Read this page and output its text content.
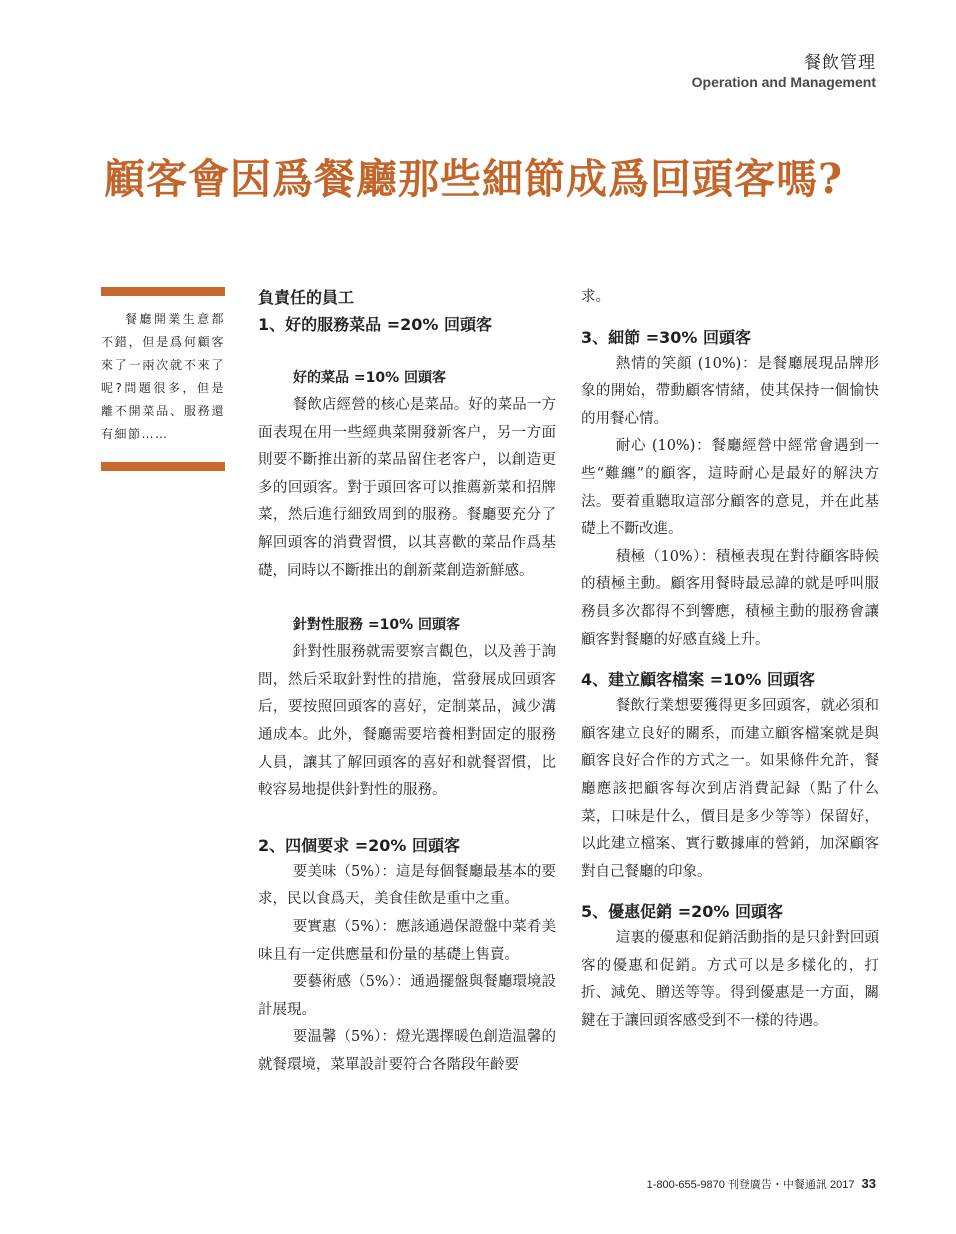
餐飲管理
Operation and Management
顧客會因爲餐廳那些細節成爲回頭客嗎?

餐廳開業生意都不錯，但是爲何顧客來了一兩次就不來了呢?問題很多，但是離不開菜品、服務還有細節……

負責任的員工
1、好的服務菜品 =20% 回頭客
好的菜品 =10% 回頭客

餐飲店經營的核心是菜品。好的菜品一方面表現在用一些經典菜開發新客户，另一方面則要不斷推出新的菜品留住老客户，以創造更多的回頭客。對于頭回客可以推薦新菜和招牌菜，然后進行細致周到的服務。餐廳要充分了解回頭客的消費習慣，以其喜歡的菜品作爲基礎，同時以不斷推出的創新菜創造新鮮感。

針對性服務 =10% 回頭客

針對性服務就需要察言觀色，以及善于詢問，然后采取針對性的措施，當發展成回頭客后，要按照回頭客的喜好，定制菜品，減少溝通成本。此外，餐廳需要培養相對固定的服務人員，讓其了解回頭客的喜好和就餐習慣，比較容易地提供針對性的服務。

2、四個要求 =20% 回頭客

要美味（5%）：這是每個餐廳最基本的要求，民以食爲天，美食佳飲是重中之重。

要實惠（5%）：應該通過保證盤中菜肴美味且有一定供應量和份量的基礎上售賣。

要藝術感（5%）：通過擺盤與餐廳環境設計展現。

要温馨（5%）：燈光選擇暖色創造温馨的就餐環境，菜單設計要符合各階段年齡要

求。

3、細節 =30% 回頭客

熱情的笑顔 (10%)：是餐廳展現品牌形象的開始，帶動顧客情緒，使其保持一個愉快的用餐心情。

耐心 (10%)：餐廳經營中經常會遇到一些“難纏”的顧客，這時耐心是最好的解決方法。要着重聽取這部分顧客的意見，并在此基礎上不斷改進。

積極（10%）：積極表現在對待顧客時候的積極主動。顧客用餐時最忌諱的就是呼叫服務員多次都得不到響應，積極主動的服務會讓顧客對餐廳的好感直綫上升。

4、建立顧客檔案 =10% 回頭客

餐飲行業想要獲得更多回頭客，就必須和顧客建立良好的關系，而建立顧客檔案就是與顧客良好合作的方式之一。如果條件允許，餐廳應該把顧客每次到店消費記録（點了什么菜，口味是什么，價目是多少等等）保留好，以此建立檔案、實行數據庫的營銷，加深顧客對自己餐廳的印象。

5、優惠促銷 =20% 回頭客

這裏的優惠和促銷活動指的是只針對回頭客的優惠和促銷。方式可以是多樣化的，打折、減免、贈送等等。得到優惠是一方面，關鍵在于讓回頭客感受到不一樣的待遇。

1-800-655-9870 刊登廣告・中餐通訊 2017 33
